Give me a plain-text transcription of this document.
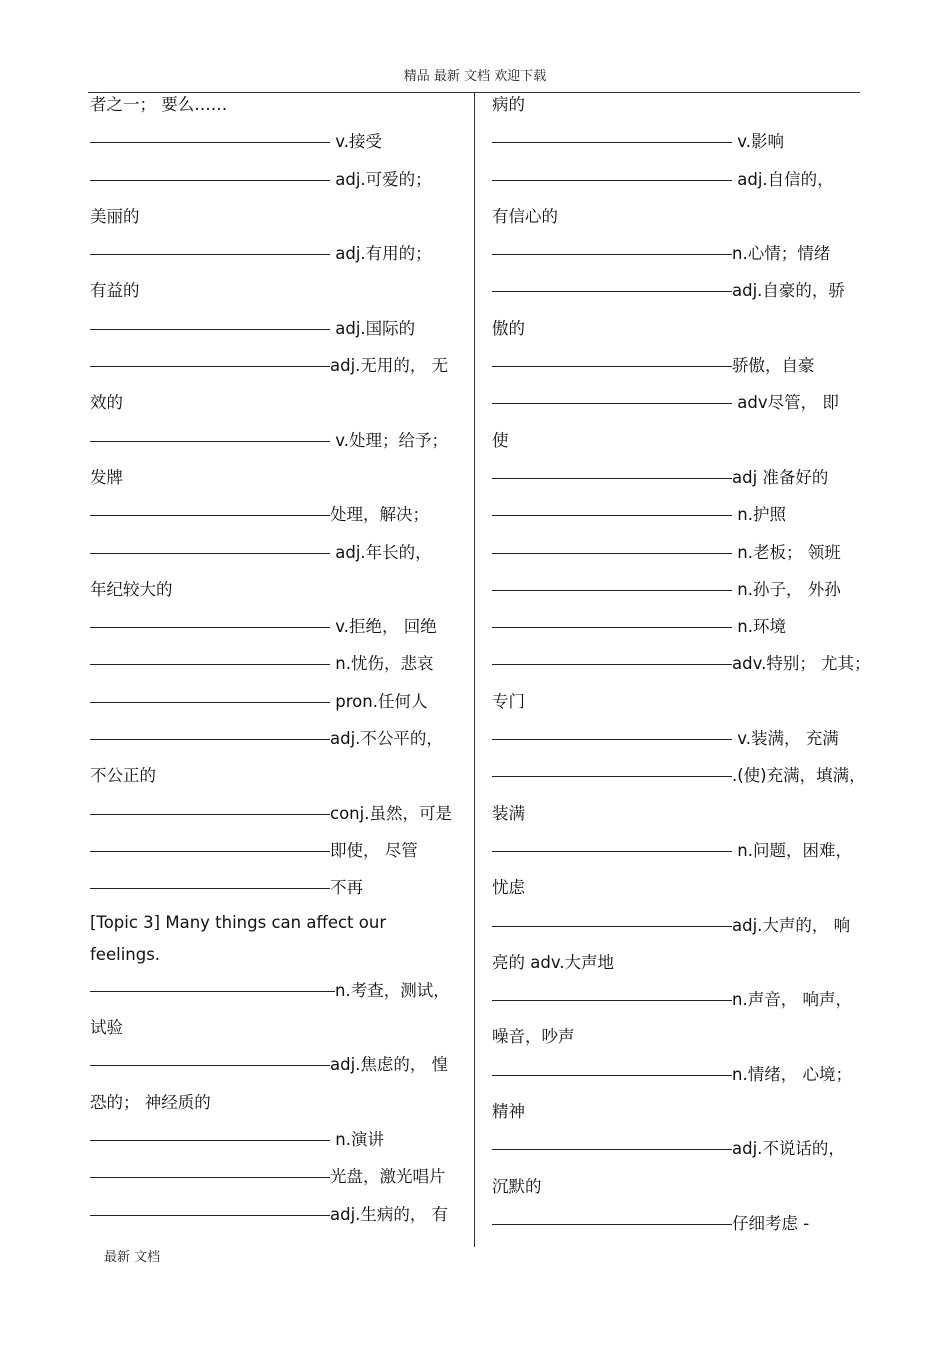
精品 最新 文档 欢迎下载
者之一； 要么……
v.接受
adj.可爱的；
美丽的
adj.有用的；
有益的
adj.国际的
adj.无用的， 无
效的
v.处理；给予；
发牌
处理，解决；
adj.年长的，
年纪较大的
v.拒绝， 回绝
n.忧伤，悲哀
pron.任何人
adj.不公平的，
不公正的
conj.虽然，可是
即使， 尽管
不再
[Topic 3] Many things can affect our
feelings.
n.考查，测试，
试验
adj.焦虑的， 惶
恐的； 神经质的
n.演讲
光盘，激光唱片
adj.生病的， 有
病的
v.影响
adj.自信的，
有信心的
n.心情；情绪
adj.自豪的，骄
傲的
骄傲，自豪
adv尽管， 即
使
adj 准备好的
n.护照
n.老板； 领班
n.孙子， 外孙
n.环境
adv.特别； 尤其；
专门
v.装满， 充满
.(使)充满，填满，
装满
n.问题，困难，
忧虑
adj.大声的， 响
亮的 adv.大声地
n.声音， 响声，
噪音，吵声
n.情绪， 心境；
精神
adj.不说话的，
沉默的
仔细考虑 -
最新 文档
